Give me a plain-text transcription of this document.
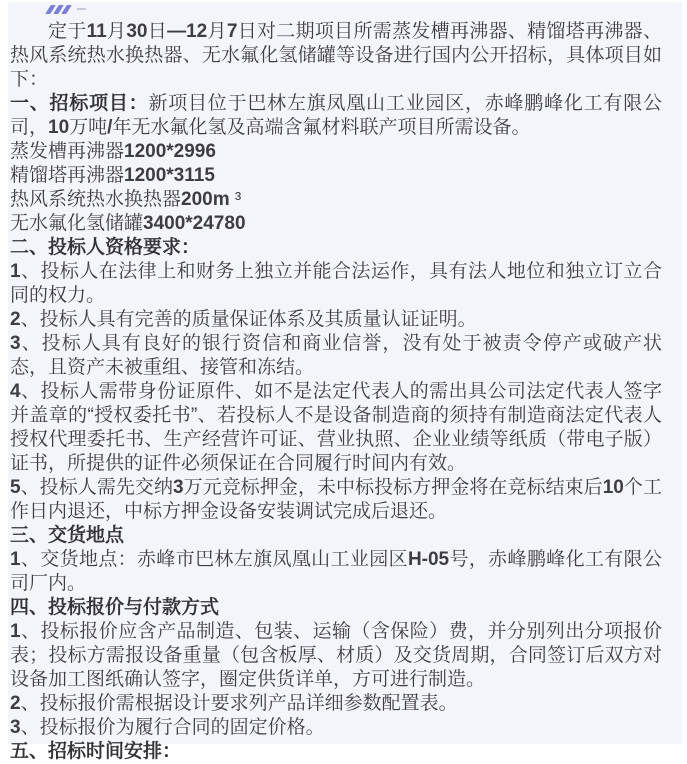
定于11月30日—12月7日对二期项目所需蒸发槽再沸器、精馏塔再沸器、热风系统热水换热器、无水氟化氢储罐等设备进行国内公开招标，具体项目如下：

一、招标项目：新项目位于巴林左旗凤凰山工业园区，赤峰鹏峰化工有限公司，10万吨/年无水氟化氢及高端含氟材料联产项目所需设备。

蒸发槽再沸器1200*2996

精馏塔再沸器1200*3115

热风系统热水换热器200m ³

无水氟化氢储罐3400*24780

二、投标人资格要求：

1、投标人在法律上和财务上独立并能合法运作，具有法人地位和独立订立合同的权力。

2、投标人具有完善的质量保证体系及其质量认证证明。

3、投标人具有良好的银行资信和商业信誉，没有处于被责令停产或破产状态，且资产未被重组、接管和冻结。

4、投标人需带身份证原件、如不是法定代表人的需出具公司法定代表人签字并盖章的“授权委托书”、若投标人不是设备制造商的须持有制造商法定代表人授权代理委托书、生产经营许可证、营业执照、企业业绩等纸质（带电子版）证书，所提供的证件必须保证在合同履行时间内有效。

5、投标人需先交纳3万元竞标押金，未中标投标方押金将在竞标结束后10个工作日内退还，中标方押金设备安装调试完成后退还。

三、交货地点

1、交货地点：赤峰市巴林左旗凤凰山工业园区H-05号，赤峰鹏峰化工有限公司厂内。

四、投标报价与付款方式

1、投标报价应含产品制造、包装、运输（含保险）费，并分别列出分项报价表；投标方需报设备重量（包含板厚、材质）及交货周期，合同签订后双方对设备加工图纸确认签字，圈定供货详单，方可进行制造。

2、投标报价需根据设计要求列产品详细参数配置表。

3、投标报价为履行合同的固定价格。

五、招标时间安排：
